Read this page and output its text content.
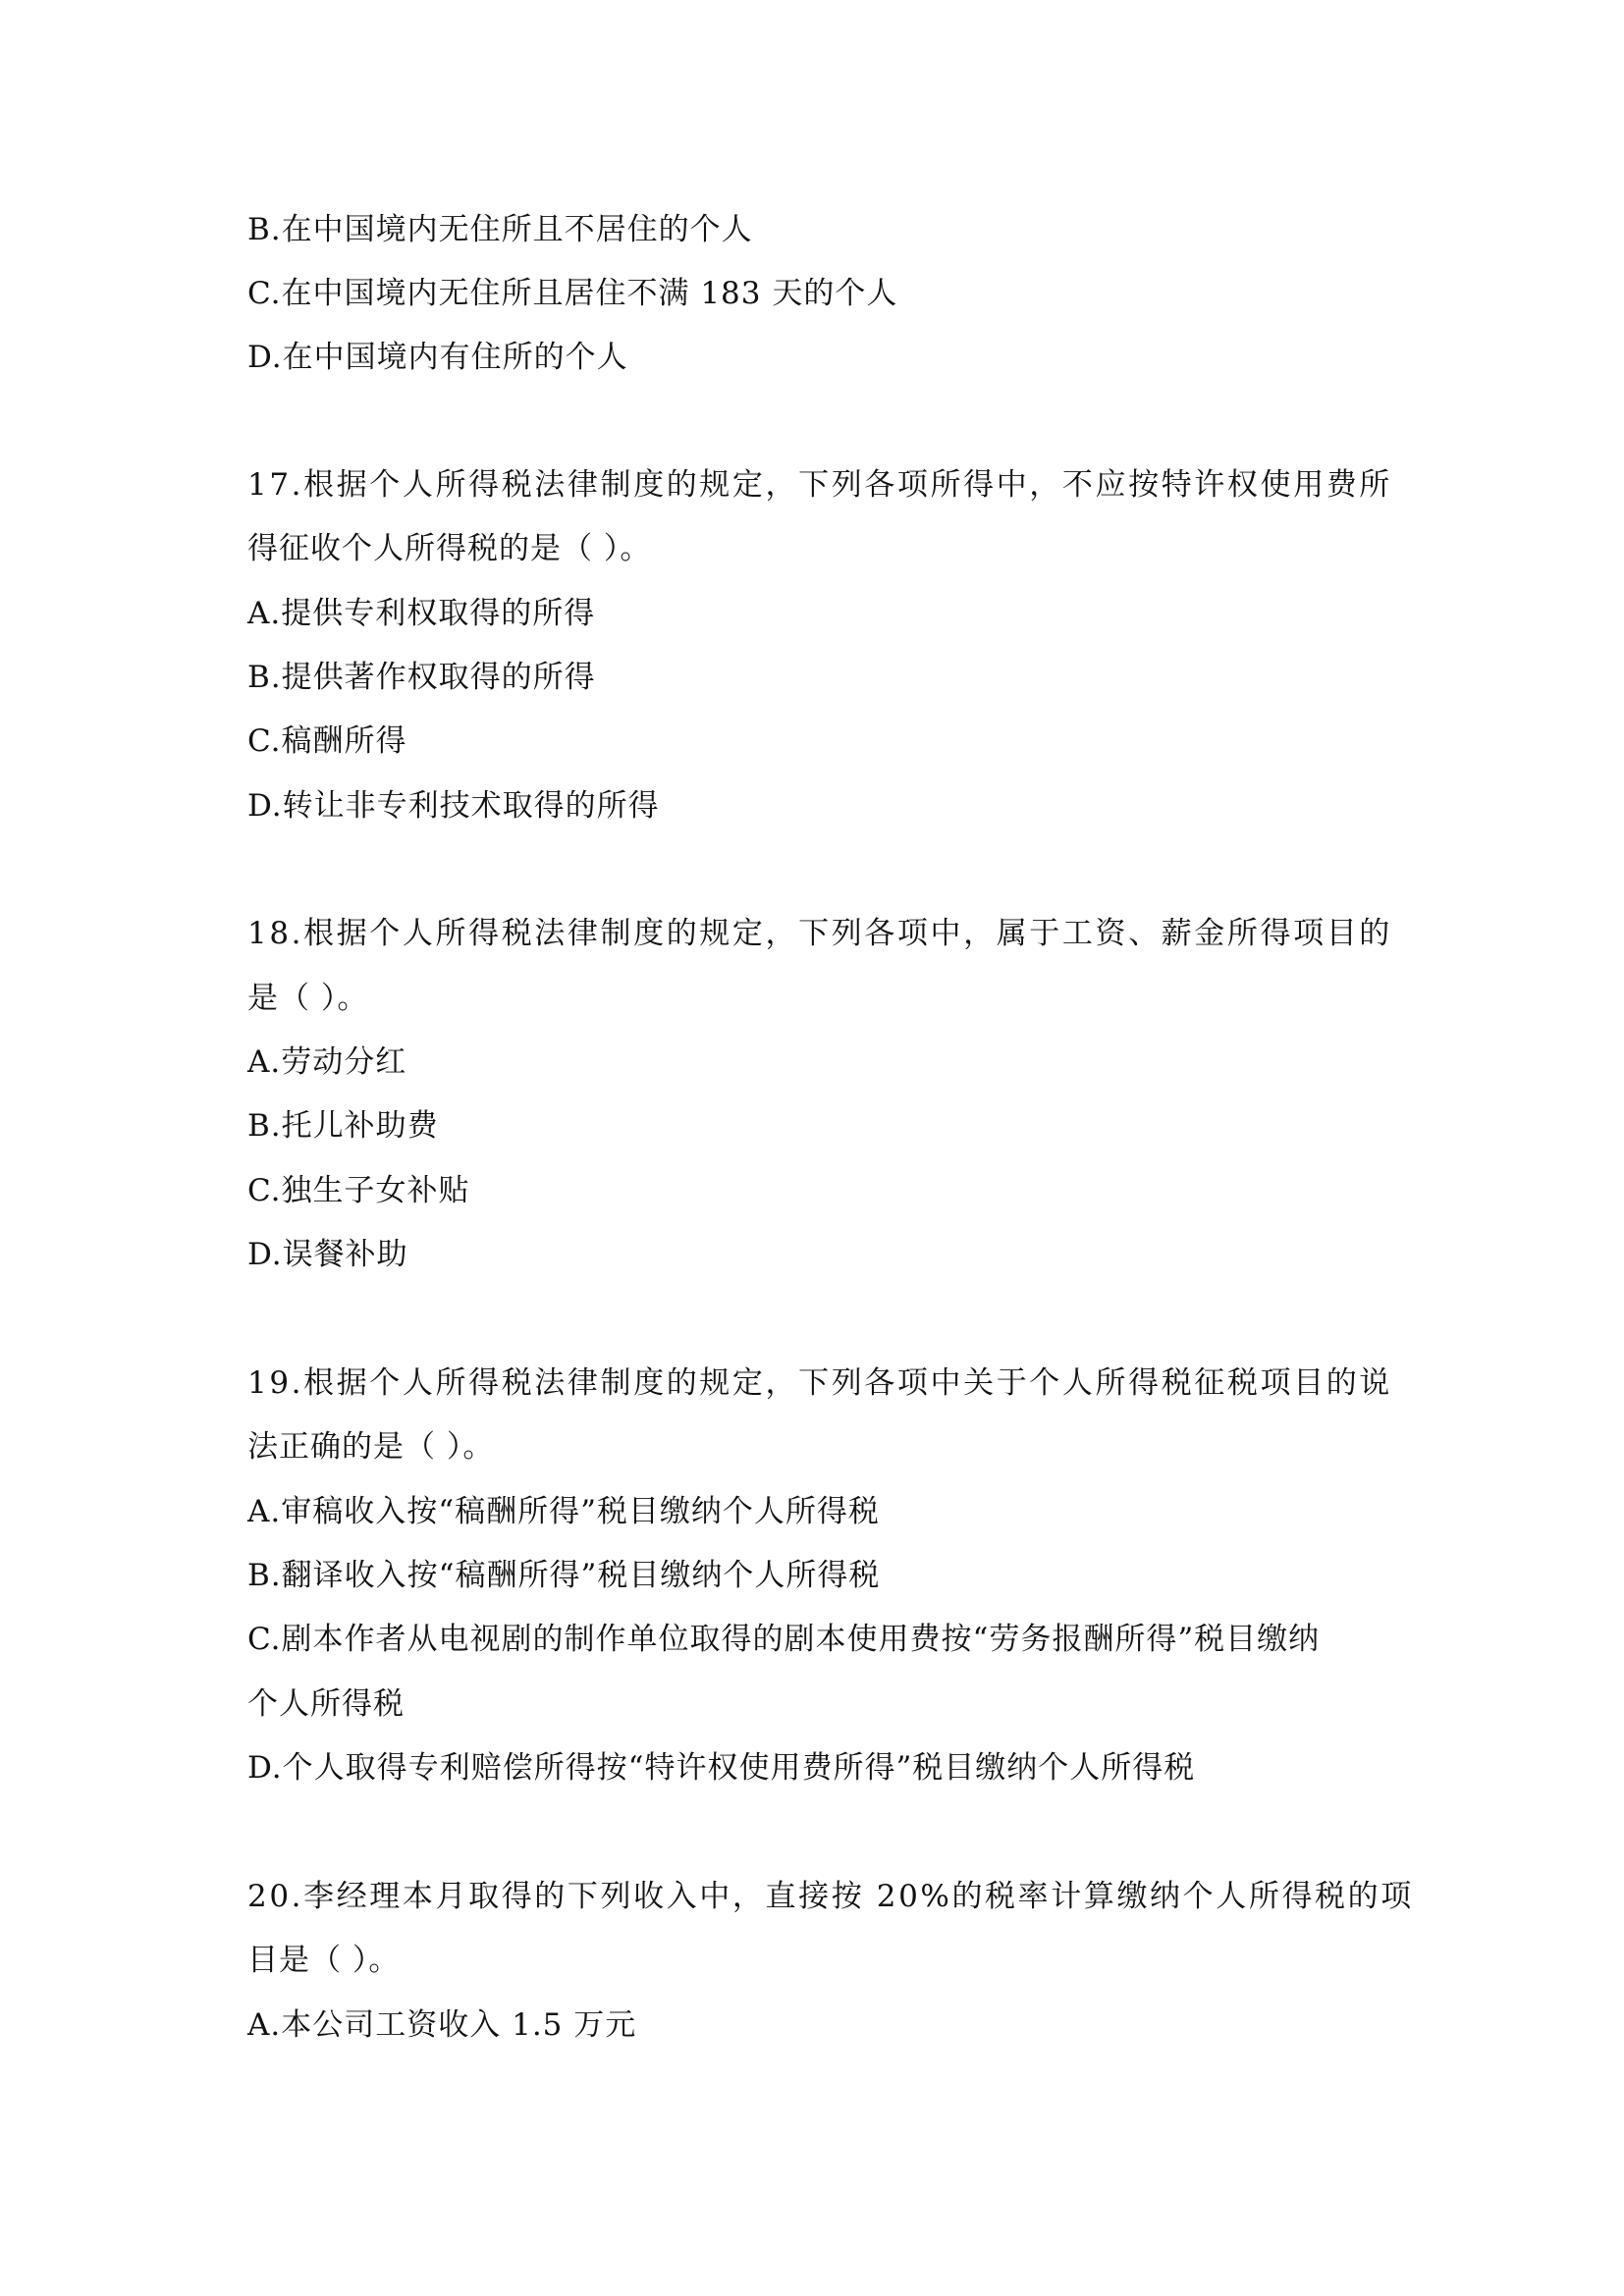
B.在中国境内无住所且不居住的个人
C.在中国境内无住所且居住不满 183 天的个人
D.在中国境内有住所的个人
17.根据个人所得税法律制度的规定，下列各项所得中，不应按特许权使用费所
得征收个人所得税的是（ ）。
A.提供专利权取得的所得
B.提供著作权取得的所得
C.稿酬所得
D.转让非专利技术取得的所得
18.根据个人所得税法律制度的规定，下列各项中，属于工资、薪金所得项目的
是（ ）。
A.劳动分红
B.托儿补助费
C.独生子女补贴
D.误餐补助
19.根据个人所得税法律制度的规定，下列各项中关于个人所得税征税项目的说
法正确的是（ ）。
A.审稿收入按“稿酬所得”税目缴纳个人所得税
B.翻译收入按“稿酬所得”税目缴纳个人所得税
C.剧本作者从电视剧的制作单位取得的剧本使用费按“劳务报酬所得”税目缴纳
个人所得税
D.个人取得专利赔偿所得按“特许权使用费所得”税目缴纳个人所得税
20.李经理本月取得的下列收入中，直接按 20%的税率计算缴纳个人所得税的项
目是（ ）。
A.本公司工资收入 1.5 万元
